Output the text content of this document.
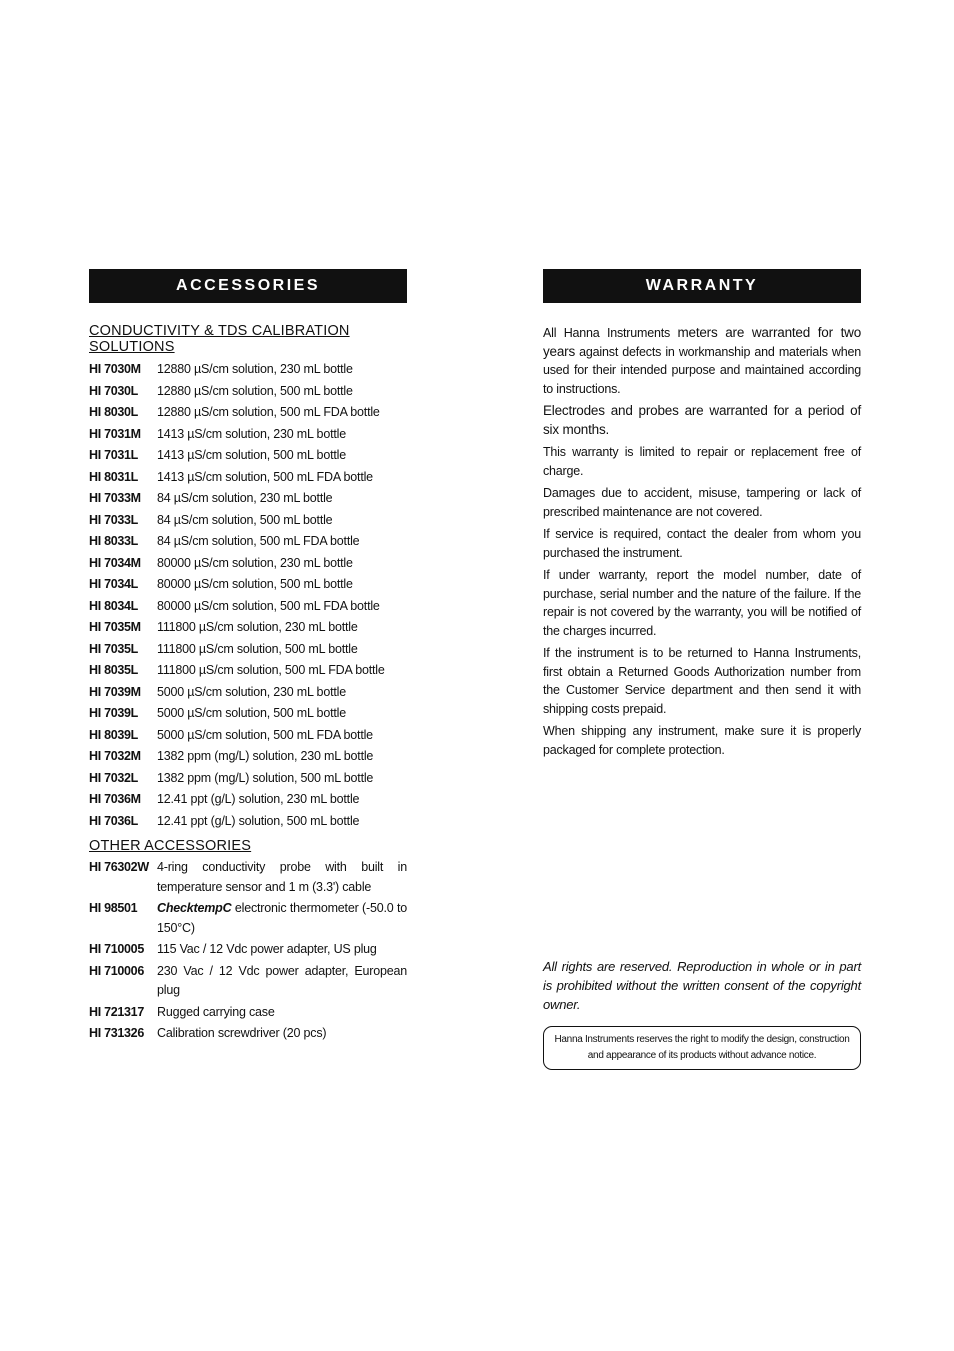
ACCESSORIES
CONDUCTIVITY & TDS CALIBRATION SOLUTIONS
HI 7030M	12880 µS/cm solution, 230 mL bottle
HI 7030L	12880 µS/cm solution, 500 mL bottle
HI 8030L	12880 µS/cm solution, 500 mL FDA bottle
HI 7031M	1413 µS/cm solution, 230 mL bottle
HI 7031L	1413 µS/cm solution, 500 mL bottle
HI 8031L	1413 µS/cm solution, 500 mL FDA bottle
HI 7033M	84 µS/cm solution, 230 mL bottle
HI 7033L	84 µS/cm solution, 500 mL bottle
HI 8033L	84 µS/cm solution, 500 mL FDA bottle
HI 7034M	80000 µS/cm solution, 230 mL bottle
HI 7034L	80000 µS/cm solution, 500 mL bottle
HI 8034L	80000 µS/cm solution, 500 mL FDA bottle
HI 7035M	111800 µS/cm solution, 230 mL bottle
HI 7035L	111800 µS/cm solution, 500 mL bottle
HI 8035L	111800 µS/cm solution, 500 mL FDA bottle
HI 7039M	5000 µS/cm solution, 230 mL bottle
HI 7039L	5000 µS/cm solution, 500 mL bottle
HI 8039L	5000 µS/cm solution, 500 mL FDA bottle
HI 7032M	1382 ppm (mg/L) solution, 230 mL bottle
HI 7032L	1382 ppm (mg/L) solution, 500 mL bottle
HI 7036M	12.41 ppt (g/L) solution, 230 mL bottle
HI 7036L	12.41 ppt (g/L) solution, 500 mL bottle
OTHER ACCESSORIES
HI 76302W 4-ring conductivity probe with built in temperature sensor and 1 m (3.3') cable
HI 98501	ChecktempC electronic thermometer (-50.0 to 150°C)
HI 710005	115 Vac / 12 Vdc power adapter, US plug
HI 710006	230 Vac / 12 Vdc power adapter, European plug
HI 721317	Rugged carrying case
HI 731326	Calibration screwdriver (20 pcs)
WARRANTY

All Hanna Instruments meters are warranted for two years against defects in workmanship and materials when used for their intended purpose and maintained according to instructions.

Electrodes and probes are warranted for a period of six months.

This warranty is limited to repair or replacement free of charge.

Damages due to accident, misuse, tampering or lack of prescribed maintenance are not covered.

If service is required, contact the dealer from whom you purchased the instrument.

If under warranty, report the model number, date of purchase, serial number and the nature of the failure. If the repair is not covered by the warranty, you will be notified of the charges incurred.

If the instrument is to be returned to Hanna Instruments, first obtain a Returned Goods Authorization number from the Customer Service department and then send it with shipping costs prepaid.

When shipping any instrument, make sure it is properly packaged for complete protection.

All rights are reserved. Reproduction in whole or in part is prohibited without the written consent of the copyright owner.
Hanna Instruments reserves the right to modify the design, construction and appearance of its products without advance notice.
